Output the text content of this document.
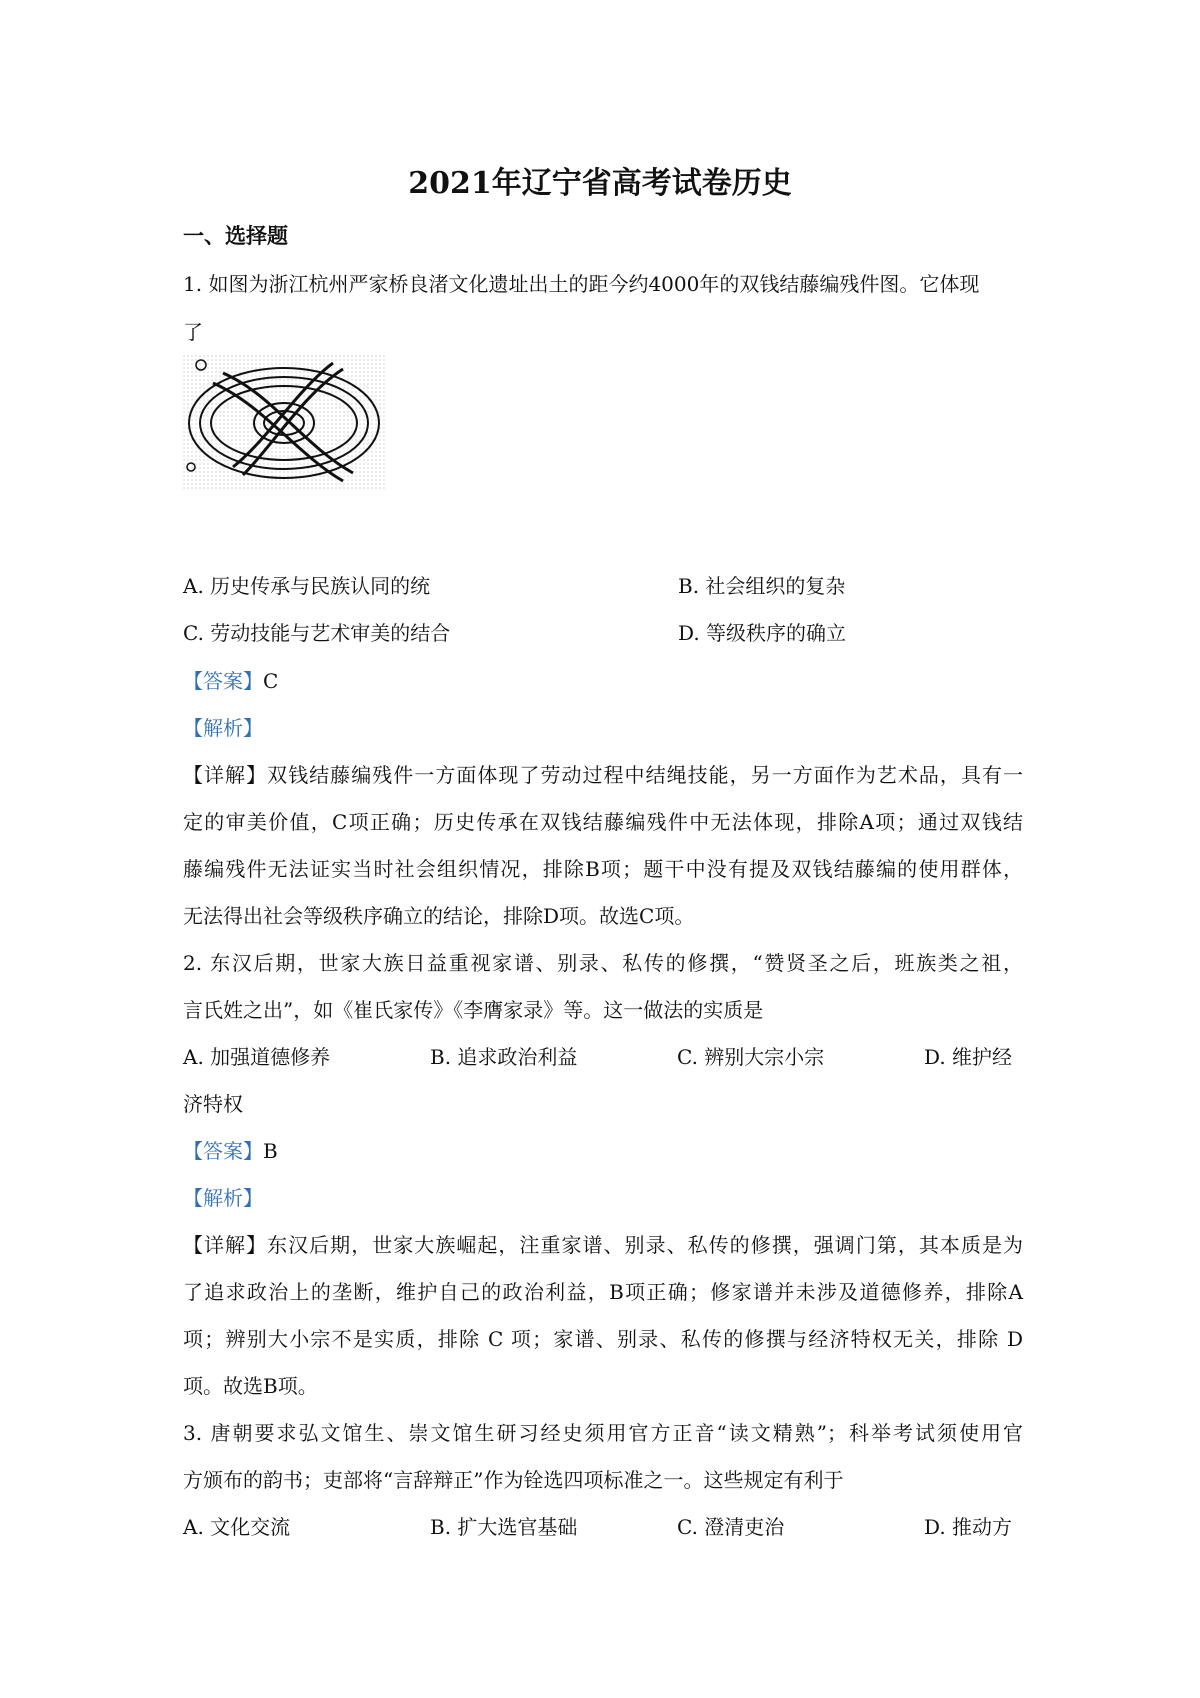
2021年辽宁省高考试卷历史
一、选择题
1. 如图为浙江杭州严家桥良渚文化遗址出土的距今约4000年的双钱结藤编残件图。它体现
了
A. 历史传承与民族认同的统	B. 社会组织的复杂
C. 劳动技能与艺术审美的结合	D. 等级秩序的确立
【答案】C
【解析】
【详解】双钱结藤编残件一方面体现了劳动过程中结绳技能，另一方面作为艺术品，具有一
定的审美价值，C项正确；历史传承在双钱结藤编残件中无法体现，排除A项；通过双钱结
藤编残件无法证实当时社会组织情况，排除B项；题干中没有提及双钱结藤编的使用群体，
无法得出社会等级秩序确立的结论，排除D项。故选C项。
2. 东汉后期，世家大族日益重视家谱、别录、私传的修撰，“赞贤圣之后，班族类之祖，
言氏姓之出”，如《崔氏家传》《李膺家录》等。这一做法的实质是
A. 加强道德修养	B. 追求政治利益	C. 辨别大宗小宗	D. 维护经
济特权
【答案】B
【解析】
【详解】东汉后期，世家大族崛起，注重家谱、别录、私传的修撰，强调门第，其本质是为
了追求政治上的垄断，维护自己的政治利益，B项正确；修家谱并未涉及道德修养，排除A
项；辨别大小宗不是实质，排除 C 项；家谱、别录、私传的修撰与经济特权无关，排除 D
项。故选B项。
3. 唐朝要求弘文馆生、崇文馆生研习经史须用官方正音“读文精熟”；科举考试须使用官
方颁布的韵书；吏部将“言辞辩正”作为铨选四项标准之一。这些规定有利于
A. 文化交流	B. 扩大选官基础	C. 澄清吏治	D. 推动方
